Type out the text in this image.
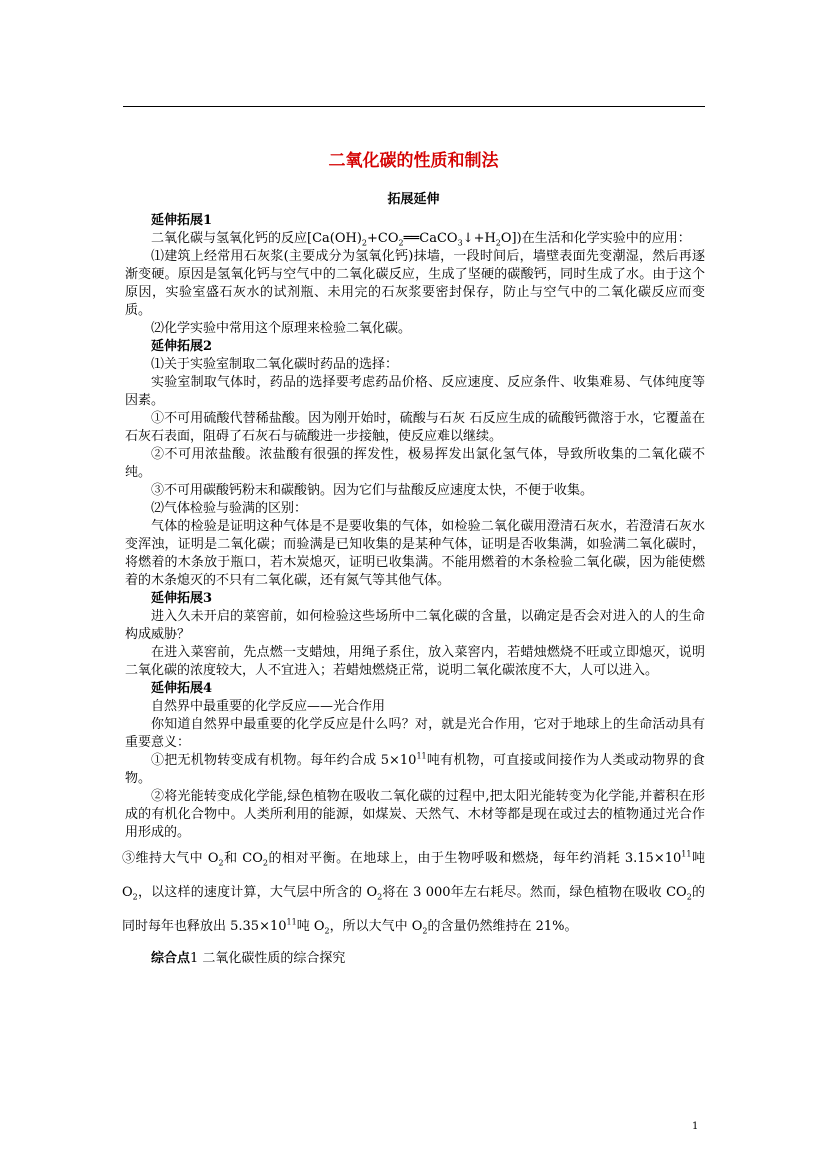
二氧化碳的性质和制法
拓展延伸

延伸拓展1

二氧化碳与氢氧化钙的反应$[Ca(OH)_2+CO_2══CaCO_3↓+H_2O]$)在生活和化学实验中的应用：

⑴建筑上经常用石灰浆(主要成分为氢氧化钙)抹墙，一段时间后，墙壁表面先变潮湿，然后再逐渐变硬。原因是氢氧化钙与空气中的二氧化碳反应，生成了坚硬的碳酸钙，同时生成了水。由于这个原因，实验室盛石灰水的试剂瓶、未用完的石灰浆要密封保存，防止与空气中的二氧化碳反应而变质。

⑵化学实验中常用这个原理来检验二氧化碳。

延伸拓展2

⑴关于实验室制取二氧化碳时药品的选择：

实验室制取气体时，药品的选择要考虑药品价格、反应速度、反应条件、收集难易、气体纯度等因素。

①不可用硫酸代替稀盐酸。因为刚开始时，硫酸与石灰 石反应生成的硫酸钙微溶于水，它覆盖在石灰石表面，阻碍了石灰石与硫酸进一步接触，使反应难以继续。

②不可用浓盐酸。浓盐酸有很强的挥发性，极易挥发出氯化氢气体，导致所收集的二氧化碳不纯。

③不可用碳酸钙粉末和碳酸钠。因为它们与盐酸反应速度太快，不便于收集。

⑵气体检验与验满的区别：

气体的检验是证明这种气体是不是要收集的气体，如检验二氧化碳用澄清石灰水，若澄清石灰水变浑浊，证明是二氧化碳；而验满是已知收集的是某种气体，证明是否收集满，如验满二氧化碳时，将燃着的木条放于瓶口，若木炭熄灭，证明已收集满。不能用燃着的木条检验二氧化碳，因为能使燃着的木条熄灭的不只有二氧化碳，还有氮气等其他气体。

延伸拓展3

进入久未开启的菜窖前，如何检验这些场所中二氧化碳的含量，以确定是否会对进入的人的生命构成威胁？

在进入菜窖前，先点燃一支蜡烛，用绳子系住，放入菜窖内，若蜡烛燃烧不旺或立即熄灭，说明二氧化碳的浓度较大，人不宜进入；若蜡烛燃烧正常，说明二氧化碳浓度不大，人可以进入。

延伸拓展4

自然界中最重要的化学反应——光合作用

你知道自然界中最重要的化学反应是什么吗？对，就是光合作用，它对于地球上的生命活动具有重要意义：

①把无机物转变成有机物。每年约合成 $5\times 10^{11}$吨有机物，可直接或间接作为人类或动物界的食物。

②将光能转变成化学能,绿色植物在吸收二氧化碳的过程中,把太阳光能转变为化学能,并蓄积在形成的有机化合物中。人类所利用的能源，如煤炭、天然气、木材等都是现在或过去的植物通过光合作用形成的。

③维持大气中 $O_2$和 $CO_2$的相对平衡。在地球上，由于生物呼吸和燃烧，每年约消耗 $3.15\times 10^{11}$吨 $O_2$，以这样的速度计算，大气层中所含的 $O_2$将在 3 000年左右耗尽。然而，绿色植物在吸收 $CO_2$的同时每年也释放出 $5.35\times 10^{11}$吨 $O_2$，所以大气中 $O_2$的含量仍然维持在 21%。

综合点1 二氧化碳性质的综合探究

1
